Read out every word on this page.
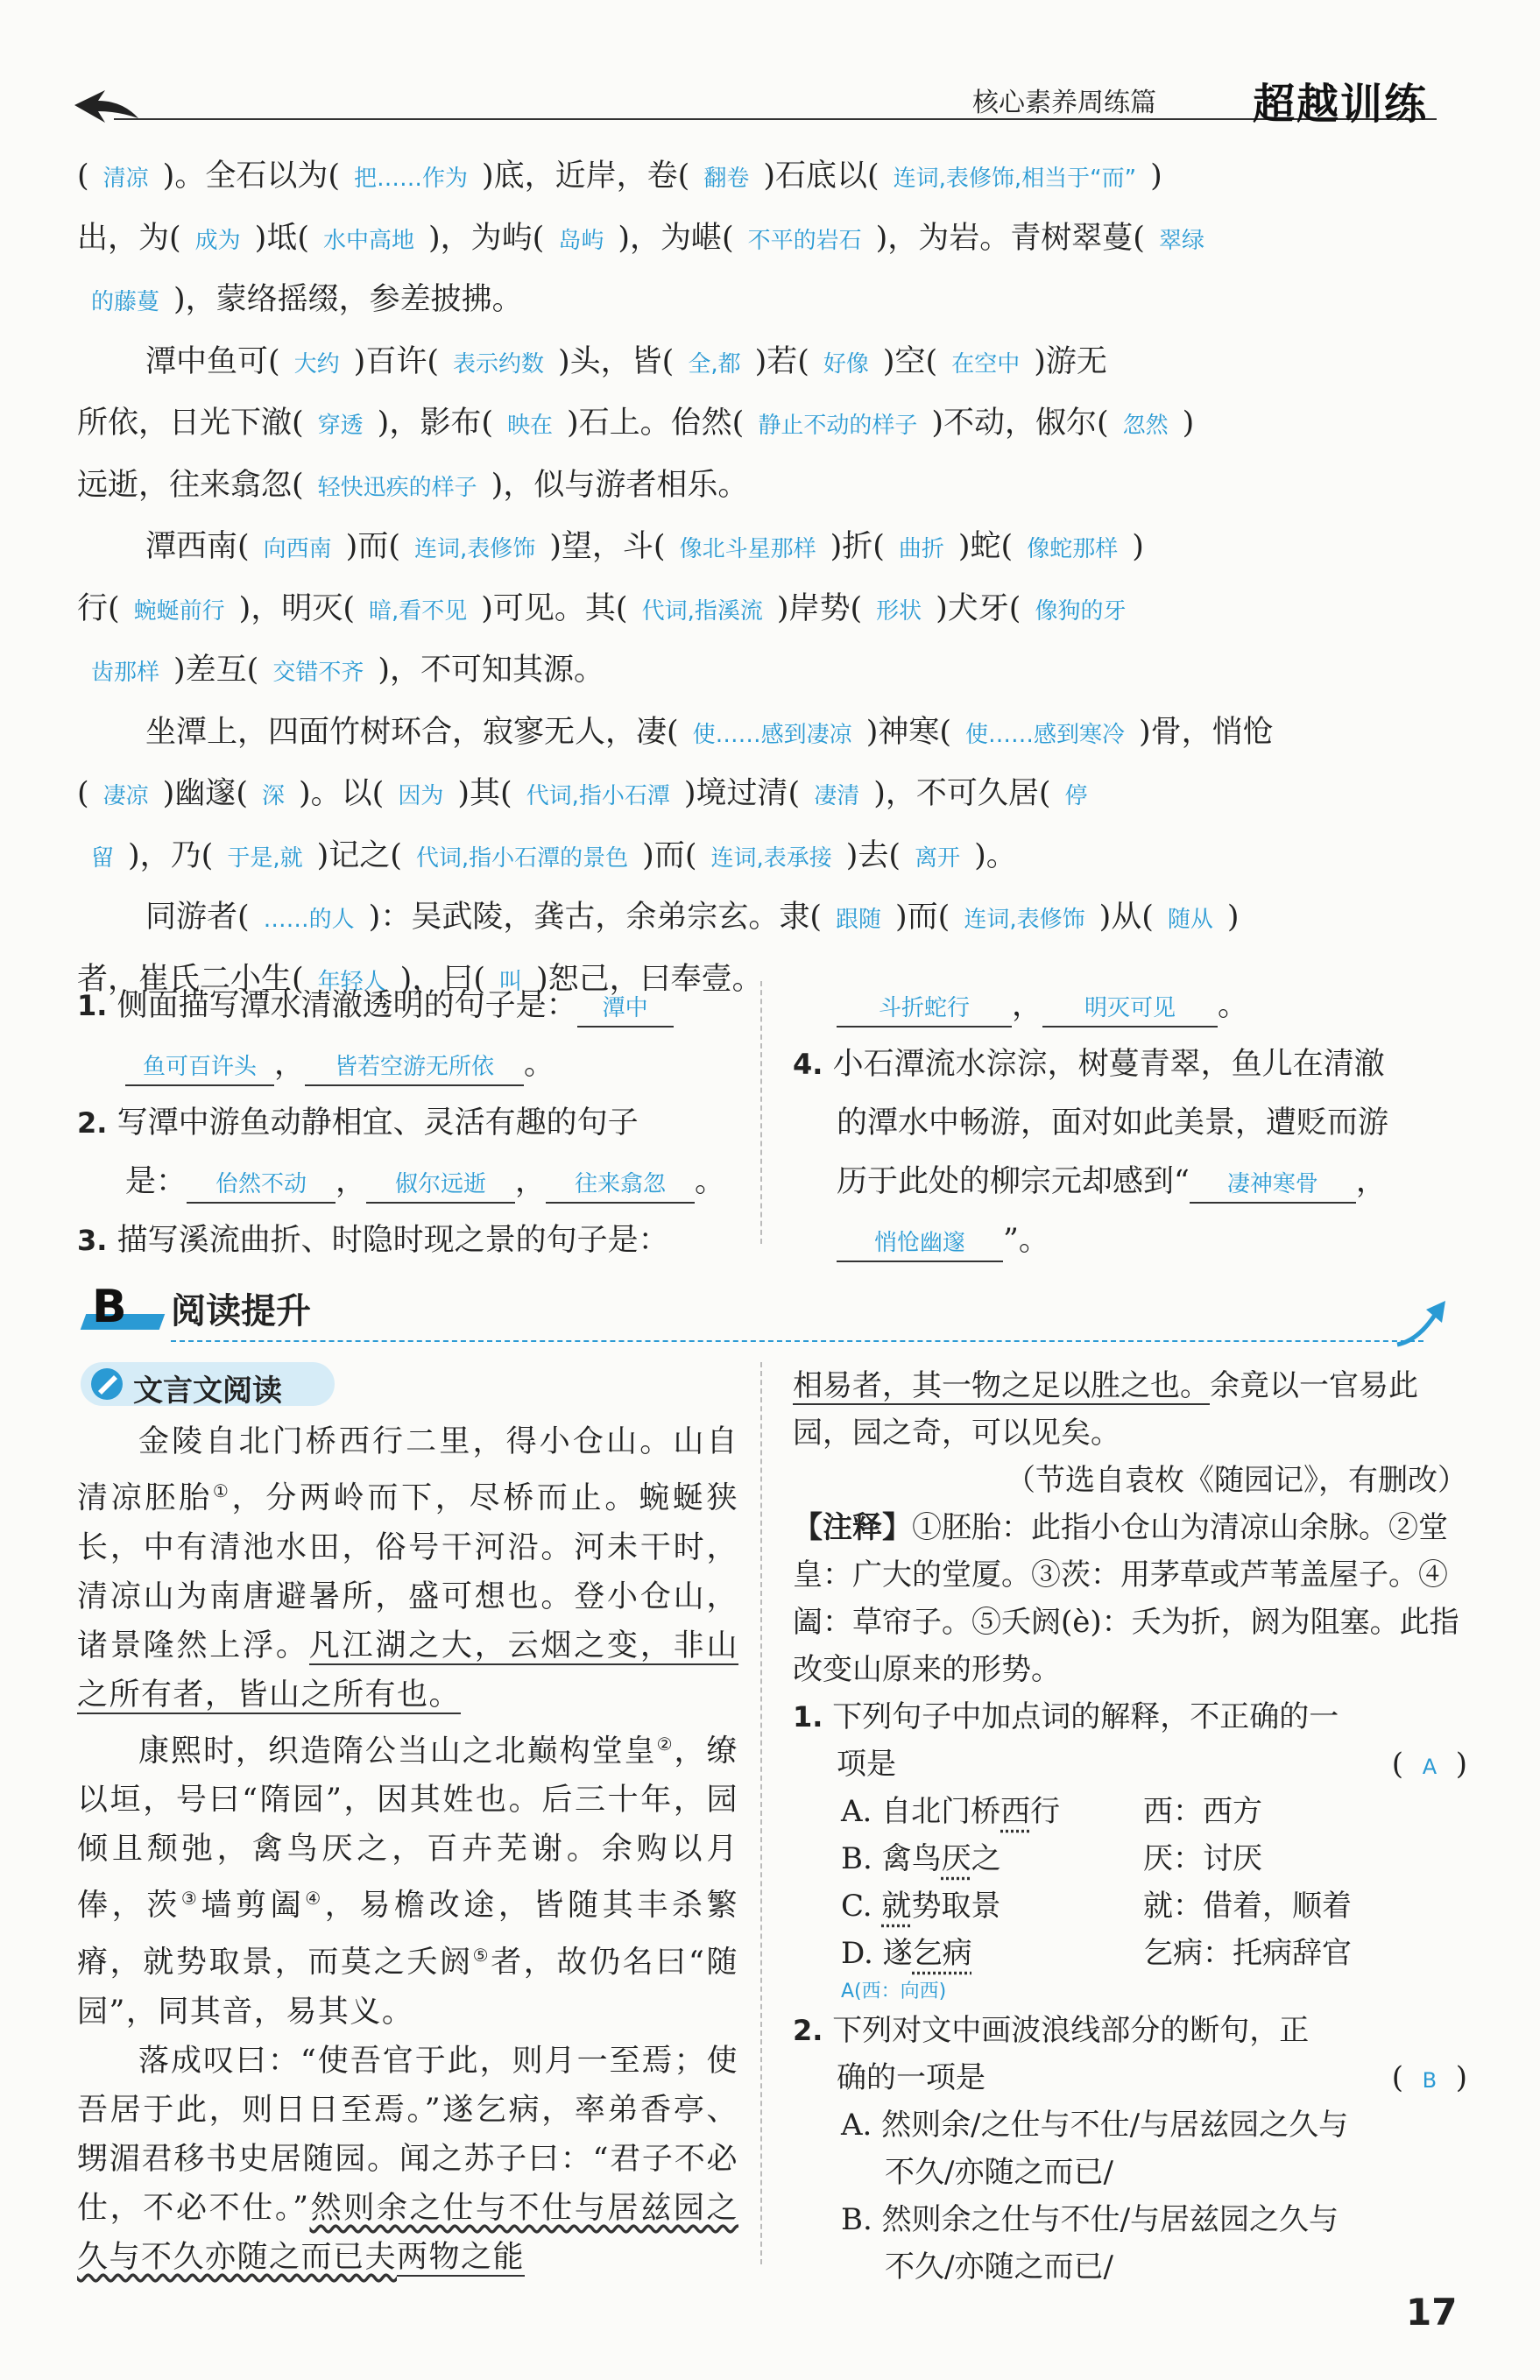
核心素养周练篇 超越训练
( 清凉 )。全石以为( 把……作为 )底，近岸，卷( 翻卷 )石底以( 连词,表修饰,相当于“而” )
出，为( 成为 )坻( 水中高地 )，为屿( 岛屿 )，为嵁( 不平的岩石 )，为岩。青树翠蔓( 翠绿
的藤蔓 )，蒙络摇缀，参差披拂。
潭中鱼可( 大约 )百许( 表示约数 )头，皆( 全,都 )若( 好像 )空( 在空中 )游无
所依，日光下澈( 穿透 )，影布( 映在 )石上。佁然( 静止不动的样子 )不动，俶尔( 忽然 )
远逝，往来翕忽( 轻快迅疾的样子 )，似与游者相乐。
潭西南( 向西南 )而( 连词,表修饰 )望，斗( 像北斗星那样 )折( 曲折 )蛇( 像蛇那样 )
行( 蜿蜒前行 )，明灭( 暗,看不见 )可见。其( 代词,指溪流 )岸势( 形状 )犬牙( 像狗的牙
齿那样 )差互( 交错不齐 )，不可知其源。
坐潭上，四面竹树环合，寂寥无人，凄( 使……感到凄凉 )神寒( 使……感到寒冷 )骨，悄怆
( 凄凉 )幽邃( 深 )。以( 因为 )其( 代词,指小石潭 )境过清( 凄清 )，不可久居( 停
留 )，乃( 于是,就 )记之( 代词,指小石潭的景色 )而( 连词,表承接 )去( 离开 )。
同游者( ……的人 )：吴武陵，龚古，余弟宗玄。隶( 跟随 )而( 连词,表修饰 )从( 随从 )
者，崔氏二小生( 年轻人 )，曰( 叫 )恕己，曰奉壹。
1. 侧面描写潭水清澈透明的句子是： 潭中
鱼可百许头 ， 皆若空游无所依 。
2. 写潭中游鱼动静相宜、灵活有趣的句子
是： 佁然不动 ， 俶尔远逝 ， 往来翕忽 。
3. 描写溪流曲折、时隐时现之景的句子是：
斗折蛇行 ， 明灭可见 。
4. 小石潭流水淙淙，树蔓青翠，鱼儿在清澈
的潭水中畅游，面对如此美景，遭贬而游
历于此处的柳宗元却感到“ 凄神寒骨 ，
悄怆幽邃 ”。
B 阅读提升
文言文阅读

金陵自北门桥西行二里，得小仓山。山自清凉胚胎①，分两岭而下，尽桥而止。蜿蜒狭长，中有清池水田，俗号干河沿。河未干时，清凉山为南唐避暑所，盛可想也。登小仓山，诸景隆然上浮。凡江湖之大，云烟之变，非山之所有者，皆山之所有也。

康熙时，织造隋公当山之北巅构堂皇②，缭以垣，号曰“隋园”，因其姓也。后三十年，园倾且颓弛，禽鸟厌之，百卉芜谢。余购以月俸，茨③墙剪阖④，易檐改途，皆随其丰杀繁瘠，就势取景，而莫之夭阏⑤者，故仍名曰“随园”，同其音，易其义。

落成叹曰：“使吾官于此，则月一至焉；使吾居于此，则日日至焉。”遂乞病，率弟香亭、甥湄君移书史居随园。闻之苏子曰：“君子不必仕，不必不仕。”然则余之仕与不仕与居兹园之久与不久亦随之而已夫两物之能

相易者，其一物之足以胜之也。余竟以一官易此园，园之奇，可以见矣。

（节选自袁枚《随园记》，有删改）

【注释】①胚胎：此指小仓山为清凉山余脉。②堂皇：广大的堂厦。③茨：用茅草或芦苇盖屋子。④阖：草帘子。⑤夭阏(è)：夭为折，阏为阻塞。此指改变山原来的形势。

1. 下列句子中加点词的解释，不正确的一

项是	( A )

A. 自北门桥西行	西：西方

B. 禽鸟厌之	厌：讨厌

C. 就势取景	就：借着，顺着

D. 遂乞病	乞病：托病辞官

A(西：向西)

2. 下列对文中画波浪线部分的断句，正

确的一项是	( B )

A. 然则余/之仕与不仕/与居兹园之久与

不久/亦随之而已/

B. 然则余之仕与不仕/与居兹园之久与

不久/亦随之而已/

17
